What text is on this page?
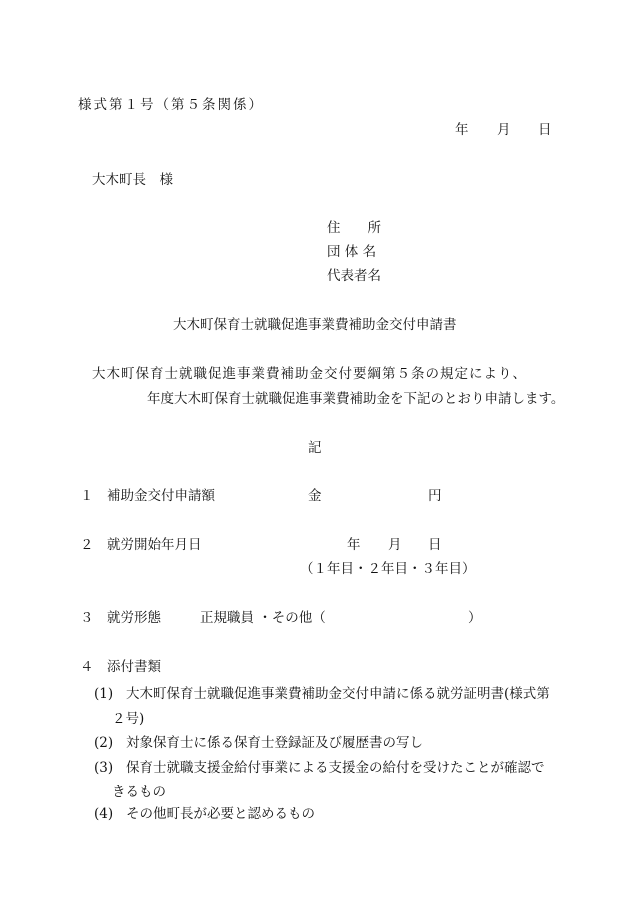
様式第１号（第５条関係）
年 月 日
大木町長　様
住　　所
団 体 名
代表者名
大木町保育士就職促進事業費補助金交付申請書
大木町保育士就職促進事業費補助金交付要綱第５条の規定により、
年度大木町保育士就職促進事業費補助金を下記のとおり申請します。
記
１ 補助金交付申請額	金	円
２ 就労開始年月日	年 月 日
（１年目・２年目・３年目）
３ 就労形態	正規職員 ・その他（	）
４ 添付書類
(1) 大木町保育士就職促進事業費補助金交付申請に係る就労証明書(様式第
２号)
(2) 対象保育士に係る保育士登録証及び履歴書の写し
(3) 保育士就職支援金給付事業による支援金の給付を受けたことが確認で
きるもの
(4) その他町長が必要と認めるもの
